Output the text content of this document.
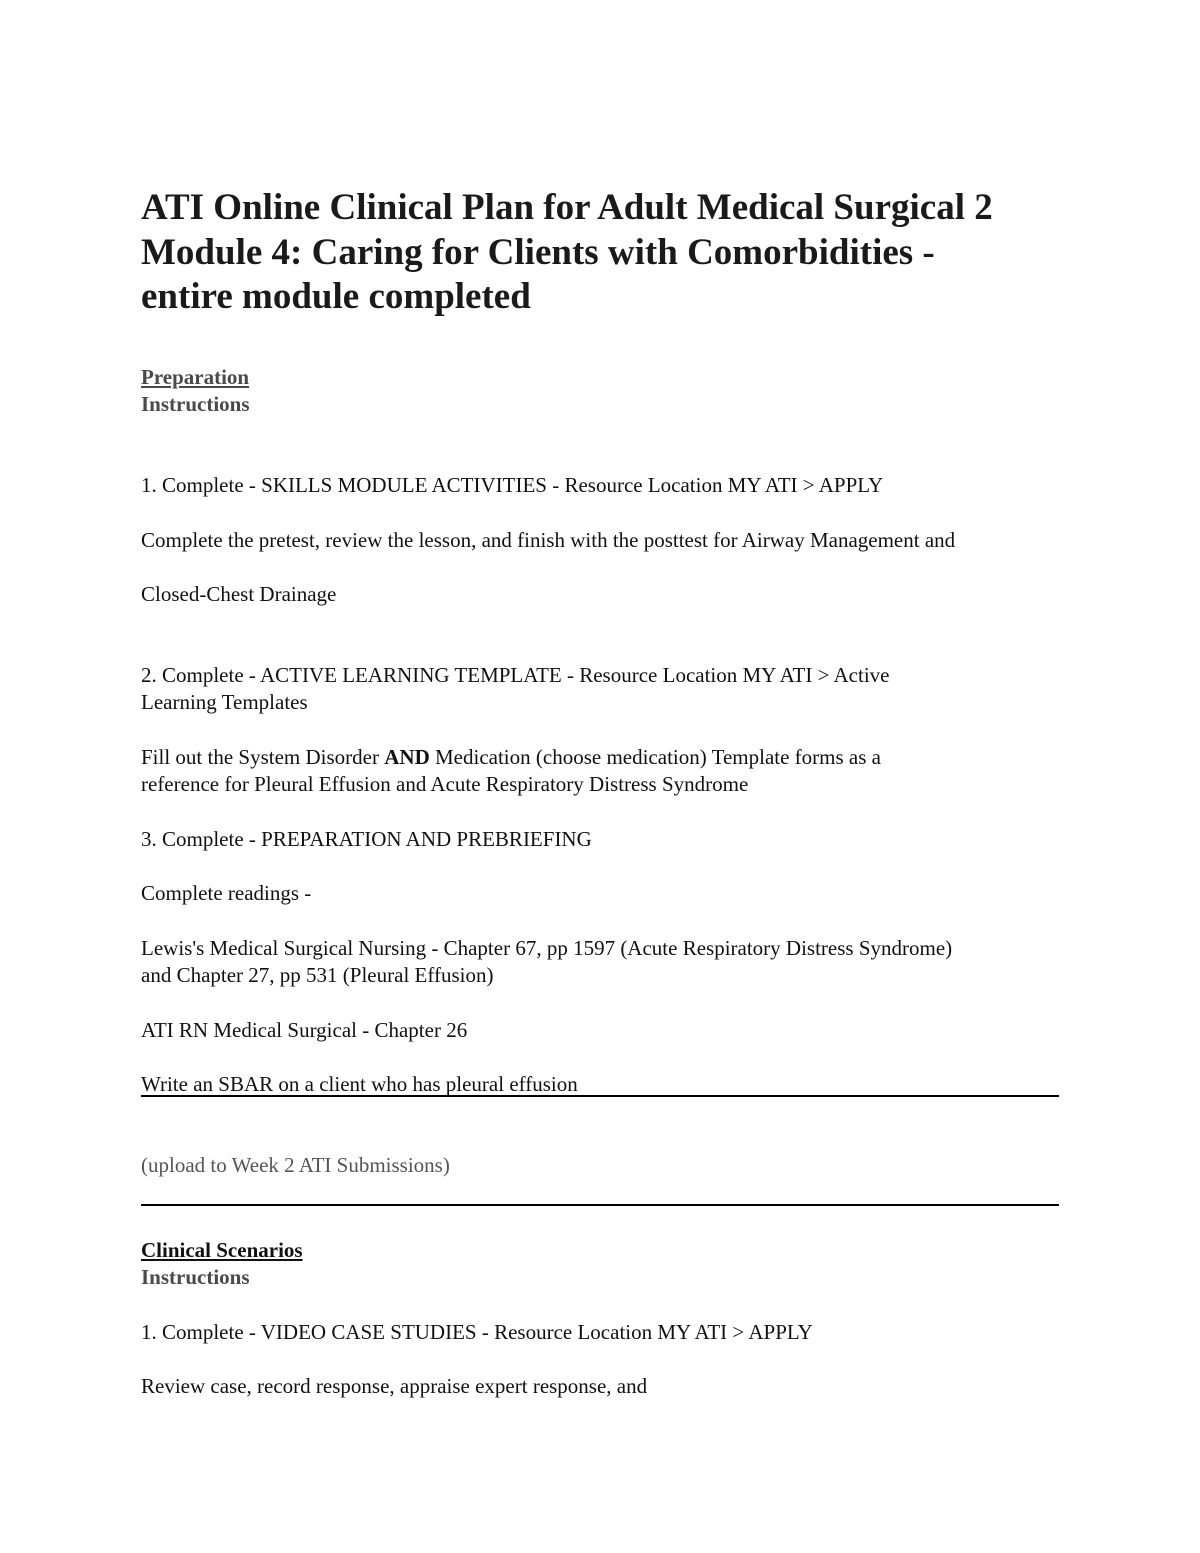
ATI Online Clinical Plan for Adult Medical Surgical 2
Module 4: Caring for Clients with Comorbidities -
entire module completed
Preparation
Instructions
1. Complete - SKILLS MODULE ACTIVITIES - Resource Location MY ATI > APPLY
Complete the pretest, review the lesson, and finish with the posttest for Airway Management and
Closed-Chest Drainage
2. Complete - ACTIVE LEARNING TEMPLATE - Resource Location MY ATI > Active
Learning Templates
Fill out the System Disorder AND Medication (choose medication) Template forms as a
reference for Pleural Effusion and Acute Respiratory Distress Syndrome
3. Complete - PREPARATION AND PREBRIEFING
Complete readings -
Lewis's Medical Surgical Nursing - Chapter 67, pp 1597 (Acute Respiratory Distress Syndrome)
and Chapter 27, pp 531 (Pleural Effusion)
ATI RN Medical Surgical - Chapter 26
Write an SBAR on a client who has pleural effusion
(upload to Week 2 ATI Submissions)
Clinical Scenarios
Instructions
1. Complete - VIDEO CASE STUDIES - Resource Location MY ATI > APPLY
Review case, record response, appraise expert response, and
